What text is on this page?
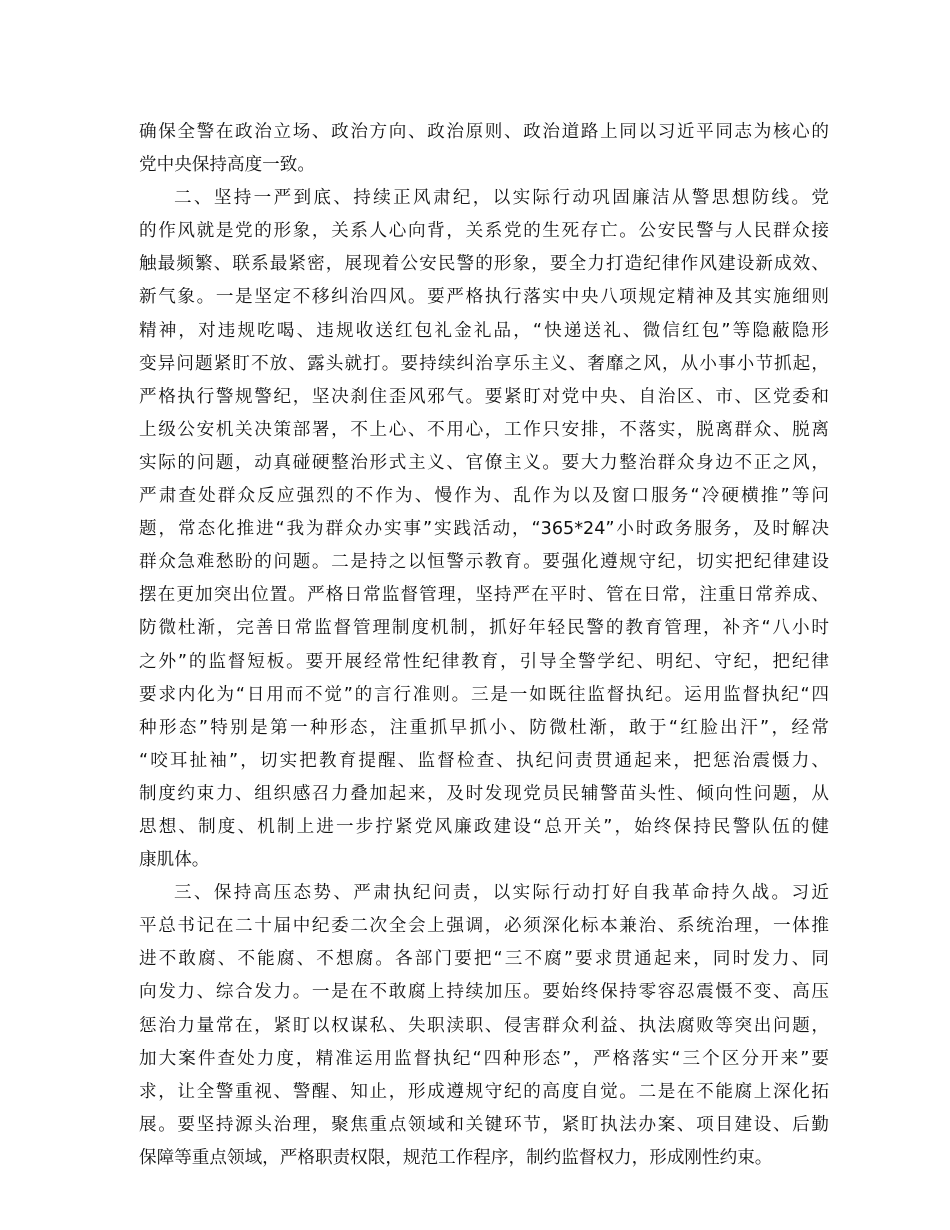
确保全警在政治立场、政治方向、政治原则、政治道路上同以习近平同志为核心的
党中央保持高度一致。
二、坚持一严到底、持续正风肃纪，以实际行动巩固廉洁从警思想防线。党
的作风就是党的形象，关系人心向背，关系党的生死存亡。公安民警与人民群众接
触最频繁、联系最紧密，展现着公安民警的形象，要全力打造纪律作风建设新成效、
新气象。一是坚定不移纠治四风。要严格执行落实中央八项规定精神及其实施细则
精神，对违规吃喝、违规收送红包礼金礼品，“快递送礼、微信红包”等隐蔽隐形
变异问题紧盯不放、露头就打。要持续纠治享乐主义、奢靡之风，从小事小节抓起，
严格执行警规警纪，坚决刹住歪风邪气。要紧盯对党中央、自治区、市、区党委和
上级公安机关决策部署，不上心、不用心，工作只安排，不落实，脱离群众、脱离
实际的问题，动真碰硬整治形式主义、官僚主义。要大力整治群众身边不正之风，
严肃查处群众反应强烈的不作为、慢作为、乱作为以及窗口服务“冷硬横推”等问
题，常态化推进“我为群众办实事”实践活动，“365*24”小时政务服务，及时解决
群众急难愁盼的问题。二是持之以恒警示教育。要强化遵规守纪，切实把纪律建设
摆在更加突出位置。严格日常监督管理，坚持严在平时、管在日常，注重日常养成、
防微杜渐，完善日常监督管理制度机制，抓好年轻民警的教育管理，补齐“八小时
之外”的监督短板。要开展经常性纪律教育，引导全警学纪、明纪、守纪，把纪律
要求内化为“日用而不觉”的言行准则。三是一如既往监督执纪。运用监督执纪“四
种形态”特别是第一种形态，注重抓早抓小、防微杜渐，敢于“红脸出汗”，经常
“咬耳扯袖”，切实把教育提醒、监督检查、执纪问责贯通起来，把惩治震慑力、
制度约束力、组织感召力叠加起来，及时发现党员民辅警苗头性、倾向性问题，从
思想、制度、机制上进一步拧紧党风廉政建设“总开关”，始终保持民警队伍的健
康肌体。
三、保持高压态势、严肃执纪问责，以实际行动打好自我革命持久战。习近
平总书记在二十届中纪委二次全会上强调，必须深化标本兼治、系统治理，一体推
进不敢腐、不能腐、不想腐。各部门要把“三不腐”要求贯通起来，同时发力、同
向发力、综合发力。一是在不敢腐上持续加压。要始终保持零容忍震慑不变、高压
惩治力量常在，紧盯以权谋私、失职渎职、侵害群众利益、执法腐败等突出问题，
加大案件查处力度，精准运用监督执纪“四种形态”，严格落实“三个区分开来”要
求，让全警重视、警醒、知止，形成遵规守纪的高度自觉。二是在不能腐上深化拓
展。要坚持源头治理，聚焦重点领域和关键环节，紧盯执法办案、项目建设、后勤
保障等重点领域，严格职责权限，规范工作程序，制约监督权力，形成刚性约束。
